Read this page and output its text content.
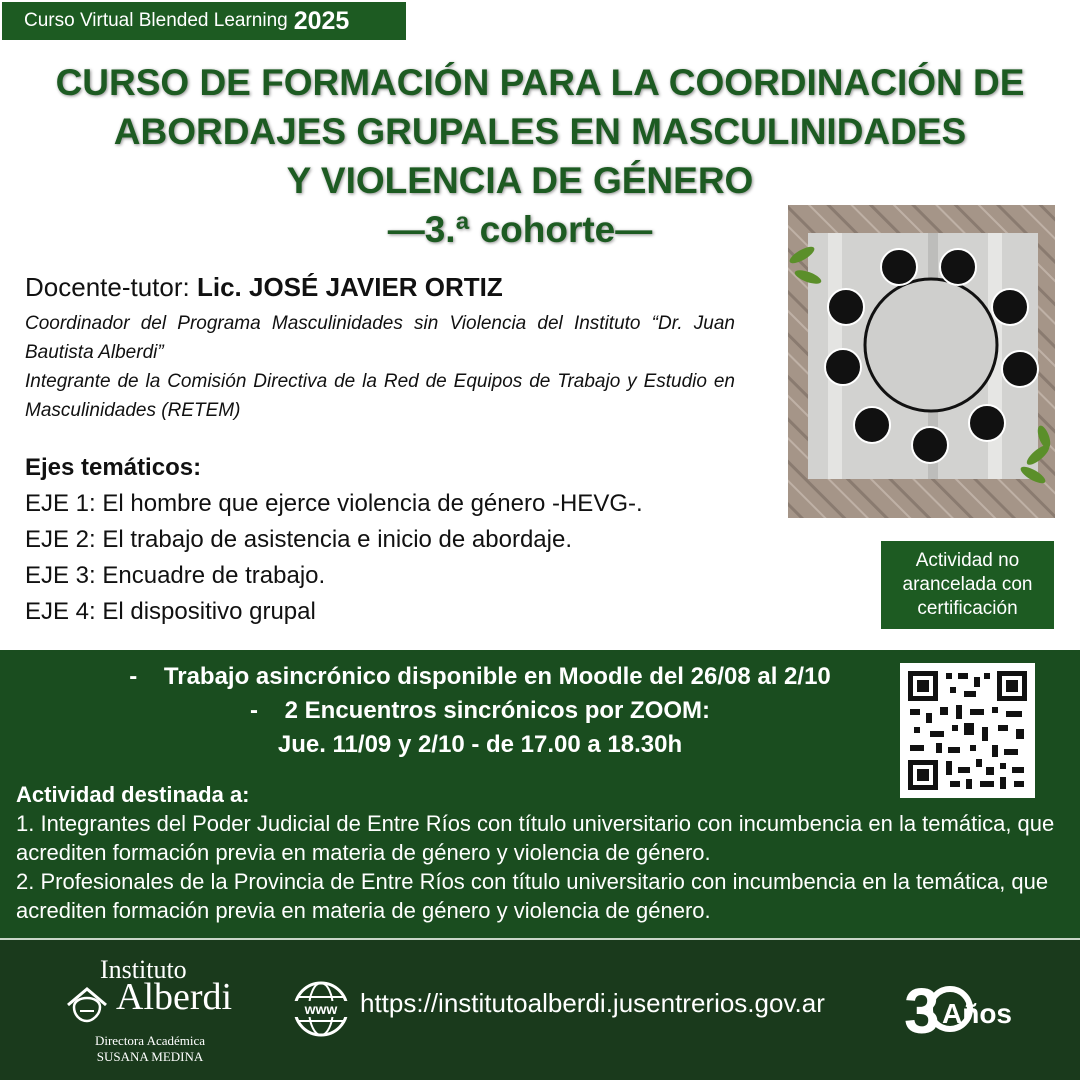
Curso Virtual Blended Learning 2025
CURSO DE FORMACIÓN PARA LA COORDINACIÓN DE
ABORDAJES GRUPALES EN MASCULINIDADES
Y VIOLENCIA DE GÉNERO
—3.ª cohorte—
Docente-tutor: Lic. JOSÉ JAVIER ORTIZ
Coordinador del Programa Masculinidades sin Violencia del Instituto “Dr. Juan Bautista Alberdi”
Integrante de la Comisión Directiva de la Red de Equipos de Trabajo y Estudio en Masculinidades (RETEM)
Ejes temáticos:
EJE 1: El hombre que ejerce violencia de género -HEVG-.
EJE 2: El trabajo de asistencia e inicio de abordaje.
EJE 3: Encuadre de trabajo.
EJE 4: El dispositivo grupal
Actividad no arancelada con certificación
-    Trabajo asincrónico disponible en Moodle del 26/08 al 2/10
-    2 Encuentros sincrónicos por ZOOM:
Jue. 11/09 y 2/10 - de 17.00 a 18.30h
Actividad destinada a:
1. Integrantes del Poder Judicial de Entre Ríos con título universitario con incumbencia en la temática, que acrediten formación previa en materia de género y violencia de género.
2. Profesionales de la Provincia de Entre Ríos con título universitario con incumbencia en la temática, que acrediten formación previa en materia de género y violencia de género.
Instituto
Alberdi
Directora Académica
SUSANA MEDINA
www https://institutoalberdi.jusentrerios.gov.ar 3 Años
